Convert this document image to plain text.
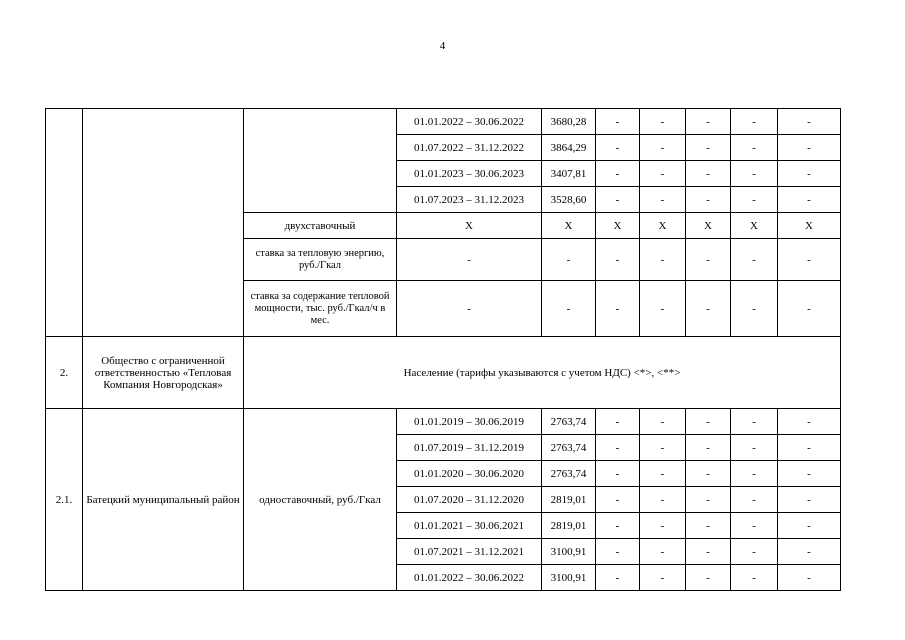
4
			01.01.2022 – 30.06.2022	3680,28	-	-	-	-	-
			01.07.2022 – 31.12.2022	3864,29	-	-	-	-	-
			01.01.2023 – 30.06.2023	3407,81	-	-	-	-	-
			01.07.2023 – 31.12.2023	3528,60	-	-	-	-	-
		двухставочный	X	X	X	X	X	X	X
		ставка за тепловую энергию, руб./Гкал	-	-	-	-	-	-	-
		ставка за содержание тепловой мощности, тыс. руб./Гкал/ч в мес.	-	-	-	-	-	-	-
2.	Общество с ограниченной ответственностью «Тепловая Компания Новгородская»	Население (тарифы указываются с учетом НДС) <*>, <**>							
2.1.	Батецкий муниципальный район	одноставочный, руб./Гкал	01.01.2019 – 30.06.2019	2763,74	-	-	-	-	-
			01.07.2019 – 31.12.2019	2763,74	-	-	-	-	-
			01.01.2020 – 30.06.2020	2763,74	-	-	-	-	-
			01.07.2020 – 31.12.2020	2819,01	-	-	-	-	-
			01.01.2021 – 30.06.2021	2819,01	-	-	-	-	-
			01.07.2021 – 31.12.2021	3100,91	-	-	-	-	-
			01.01.2022 – 30.06.2022	3100,91	-	-	-	-	-
